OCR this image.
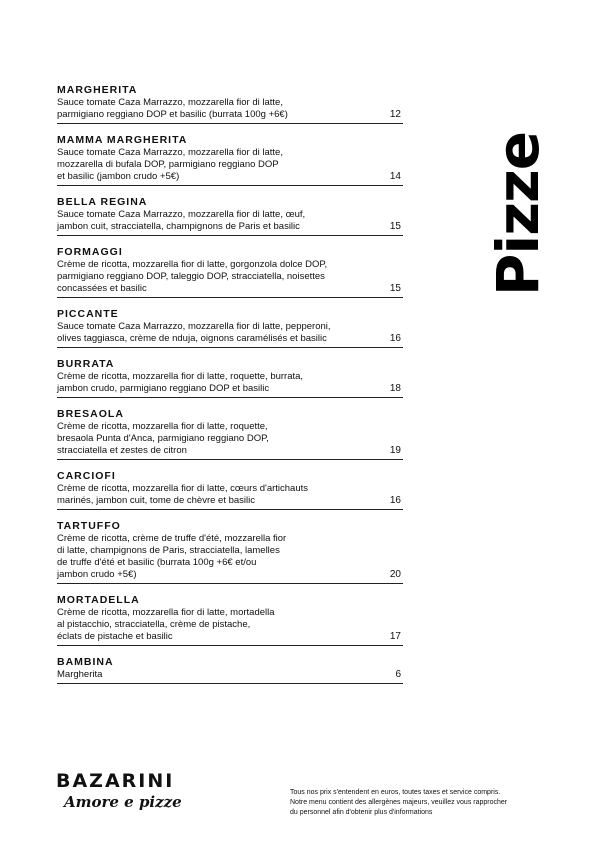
MARGHERITA
Sauce tomate Caza Marrazzo, mozzarella fior di latte,
parmigiano reggiano DOP et basilic (burrata 100g +6€)	12
MAMMA MARGHERITA
Sauce tomate Caza Marrazzo, mozzarella fior di latte,
mozzarella di bufala DOP, parmigiano reggiano DOP
et basilic (jambon crudo +5€)	14
BELLA REGINA
Sauce tomate Caza Marrazzo, mozzarella fior di latte, œuf,
jambon cuit, stracciatella, champignons de Paris et basilic	15
FORMAGGI
Crème de ricotta, mozzarella fior di latte, gorgonzola dolce DOP,
parmigiano reggiano DOP, taleggio DOP, stracciatella, noisettes
concassées et basilic	15
PICCANTE
Sauce tomate Caza Marrazzo, mozzarella fior di latte, pepperoni,
olives taggiasca, crème de nduja, oignons caramélisés et basilic	16
BURRATA
Crème de ricotta, mozzarella fior di latte, roquette, burrata,
jambon crudo, parmigiano reggiano DOP et basilic	18
BRESAOLA
Crème de ricotta, mozzarella fior di latte, roquette,
bresaola Punta d'Anca, parmigiano reggiano DOP,
stracciatella et zestes de citron	19
CARCIOFI
Crème de ricotta, mozzarella fior di latte, cœurs d'artichauts
marinés, jambon cuit, tome de chèvre et basilic	16
TARTUFFO
Crème de ricotta, crème de truffe d'été, mozzarella fior
di latte, champignons de Paris, stracciatella, lamelles
de truffe d'été et basilic (burrata 100g +6€ et/ou
jambon crudo +5€)	20
MORTADELLA
Crème de ricotta, mozzarella fior di latte, mortadella
al pistacchio, stracciatella, crème de pistache,
éclats de pistache et basilic	17
BAMBINA
Margherita	6
Pizze
BAZARINI
Amore e pizze
Tous nos prix s'entendent en euros, toutes taxes et service compris.
Notre menu contient des allergènes majeurs, veuillez vous rapprocher
du personnel afin d'obtenir plus d'informations
